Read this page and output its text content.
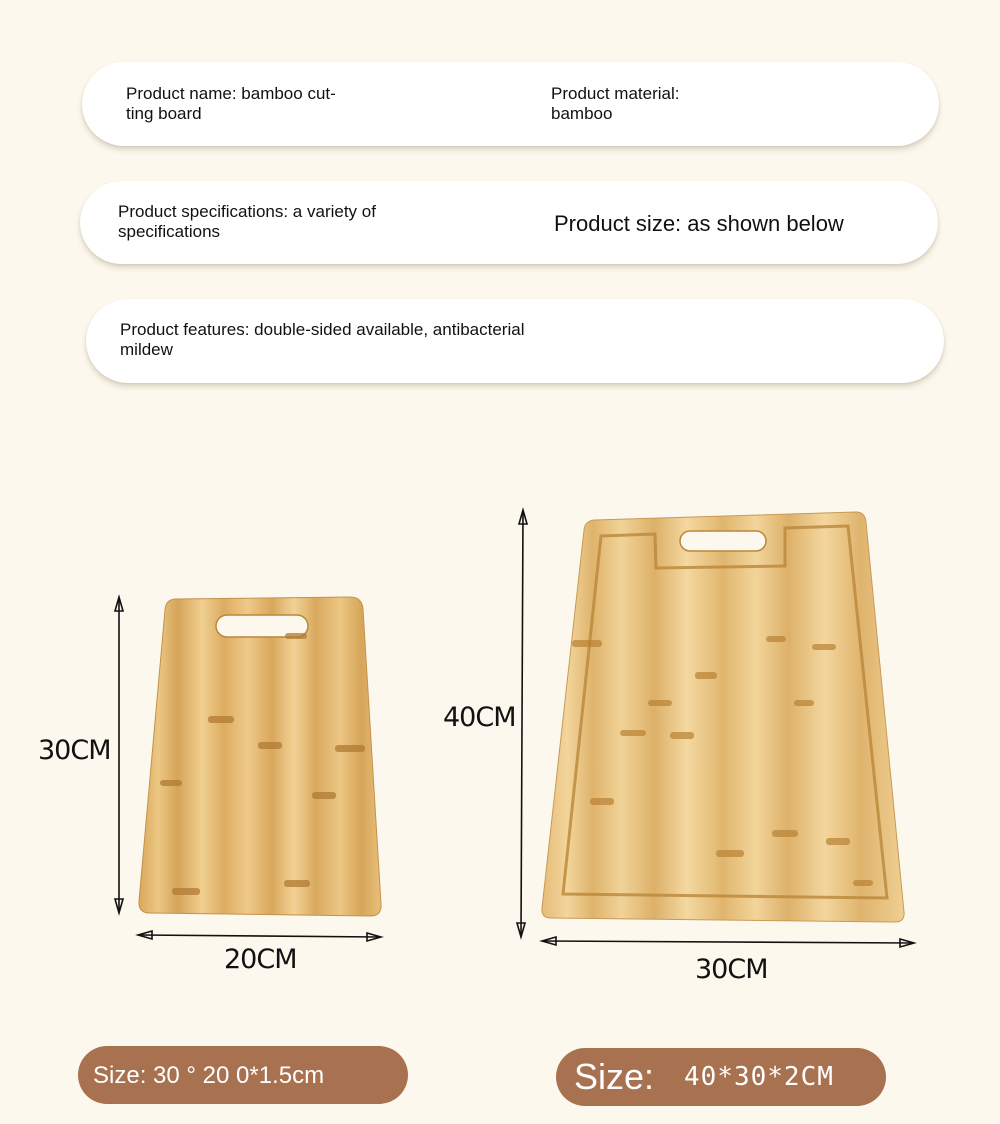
Product name: bamboo cut-
ting board
Product material:
bamboo
Product specifications: a variety of
specifications	Product size: as shown below
Product features: double-sided available, antibacterial
mildew
30CM
20CM
40CM
30CM
Size: 30 ° 20 0*1.5cm	Size: 40*30*2CM
